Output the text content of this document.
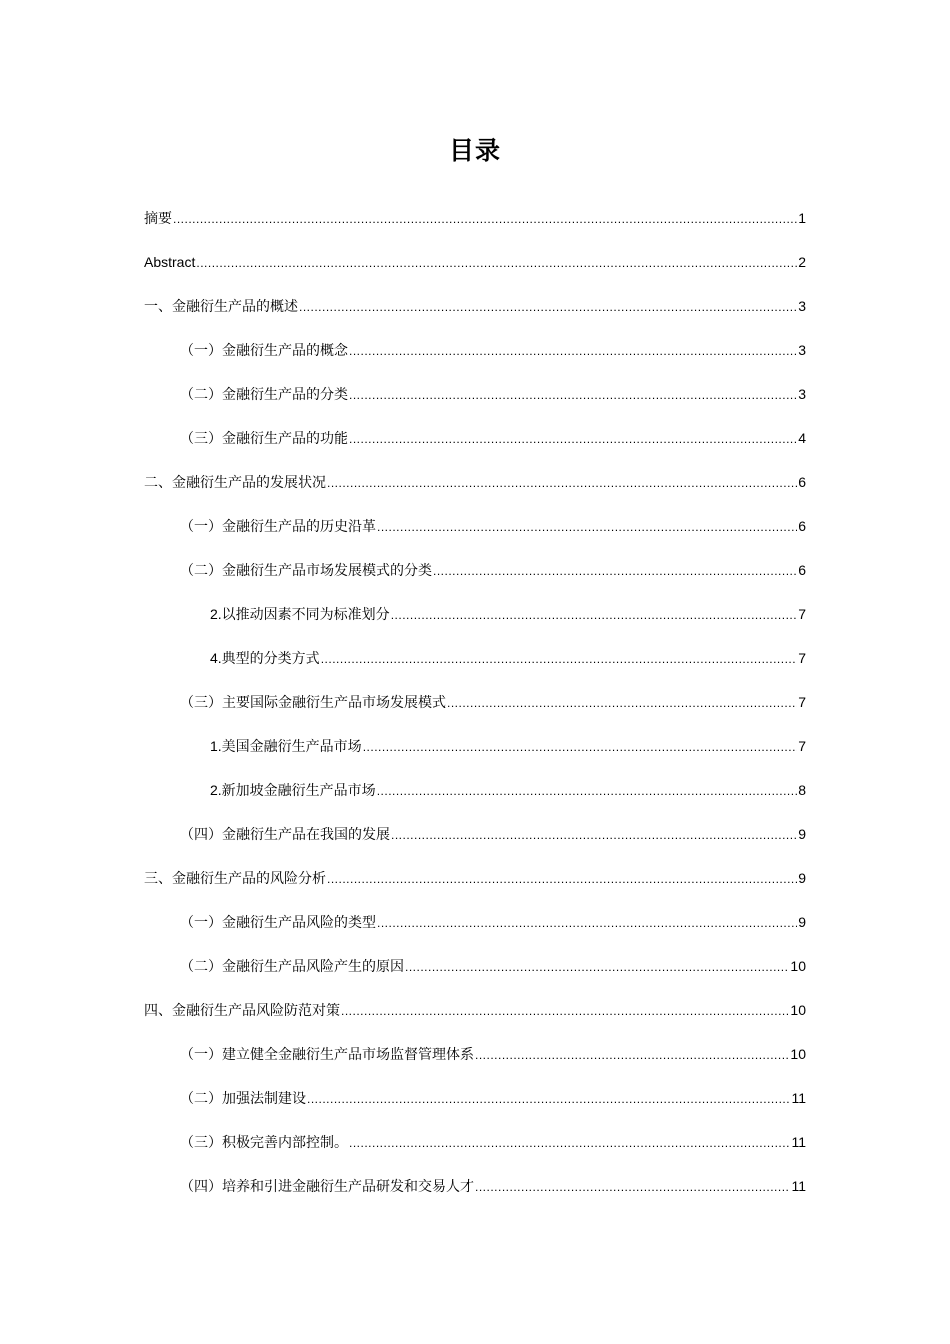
目录
摘要 .....	1
Abstract .....	2
一、金融衍生产品的概述 .....	3
（一）金融衍生产品的概念 .....	3
（二）金融衍生产品的分类 .....	3
（三）金融衍生产品的功能 .....	4
二、金融衍生产品的发展状况 .....	6
（一）金融衍生产品的历史沿革 .....	6
（二）金融衍生产品市场发展模式的分类 .....	6
2.以推动因素不同为标准划分 .....	7
4.典型的分类方式 .....	7
（三）主要国际金融衍生产品市场发展模式 .....	7
1.美国金融衍生产品市场 .....	7
2.新加坡金融衍生产品市场 .....	8
（四）金融衍生产品在我国的发展 .....	9
三、金融衍生产品的风险分析 .....	9
（一）金融衍生产品风险的类型 .....	9
（二）金融衍生产品风险产生的原因 .....	10
四、金融衍生产品风险防范对策 .....	10
（一）建立健全金融衍生产品市场监督管理体系 .....	10
（二）加强法制建设 .....	11
（三）积极完善内部控制。 .....	11
（四）培养和引进金融衍生产品研发和交易人才 .....	11
